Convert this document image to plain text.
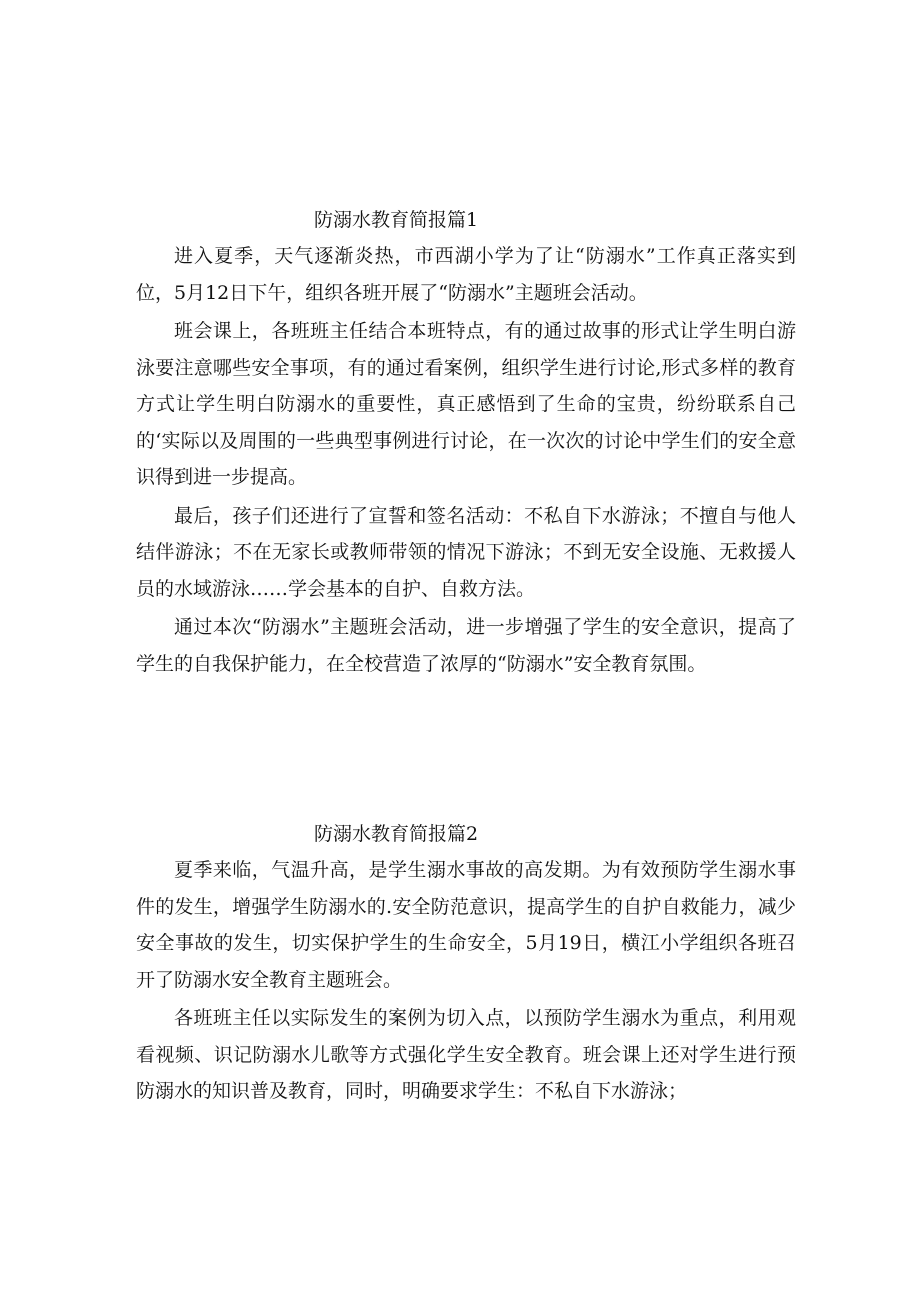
防溺水教育简报篇1

进入夏季，天气逐渐炎热，市西湖小学为了让“防溺水”工作真正落实到位，5月12日下午，组织各班开展了“防溺水”主题班会活动。

班会课上，各班班主任结合本班特点，有的通过故事的形式让学生明白游泳要注意哪些安全事项，有的通过看案例，组织学生进行讨论,形式多样的教育方式让学生明白防溺水的重要性，真正感悟到了生命的宝贵，纷纷联系自己的‘实际以及周围的一些典型事例进行讨论，在一次次的讨论中学生们的安全意识得到进一步提高。

最后，孩子们还进行了宣誓和签名活动：不私自下水游泳；不擅自与他人结伴游泳；不在无家长或教师带领的情况下游泳；不到无安全设施、无救援人员的水域游泳……学会基本的自护、自救方法。

通过本次“防溺水”主题班会活动，进一步增强了学生的安全意识，提高了学生的自我保护能力，在全校营造了浓厚的“防溺水”安全教育氛围。

防溺水教育简报篇2

夏季来临，气温升高，是学生溺水事故的高发期。为有效预防学生溺水事件的发生，增强学生防溺水的.安全防范意识，提高学生的自护自救能力，减少安全事故的发生，切实保护学生的生命安全，5月19日，横江小学组织各班召开了防溺水安全教育主题班会。

各班班主任以实际发生的案例为切入点，以预防学生溺水为重点，利用观看视频、识记防溺水儿歌等方式强化学生安全教育。班会课上还对学生进行预防溺水的知识普及教育，同时，明确要求学生：不私自下水游泳；
